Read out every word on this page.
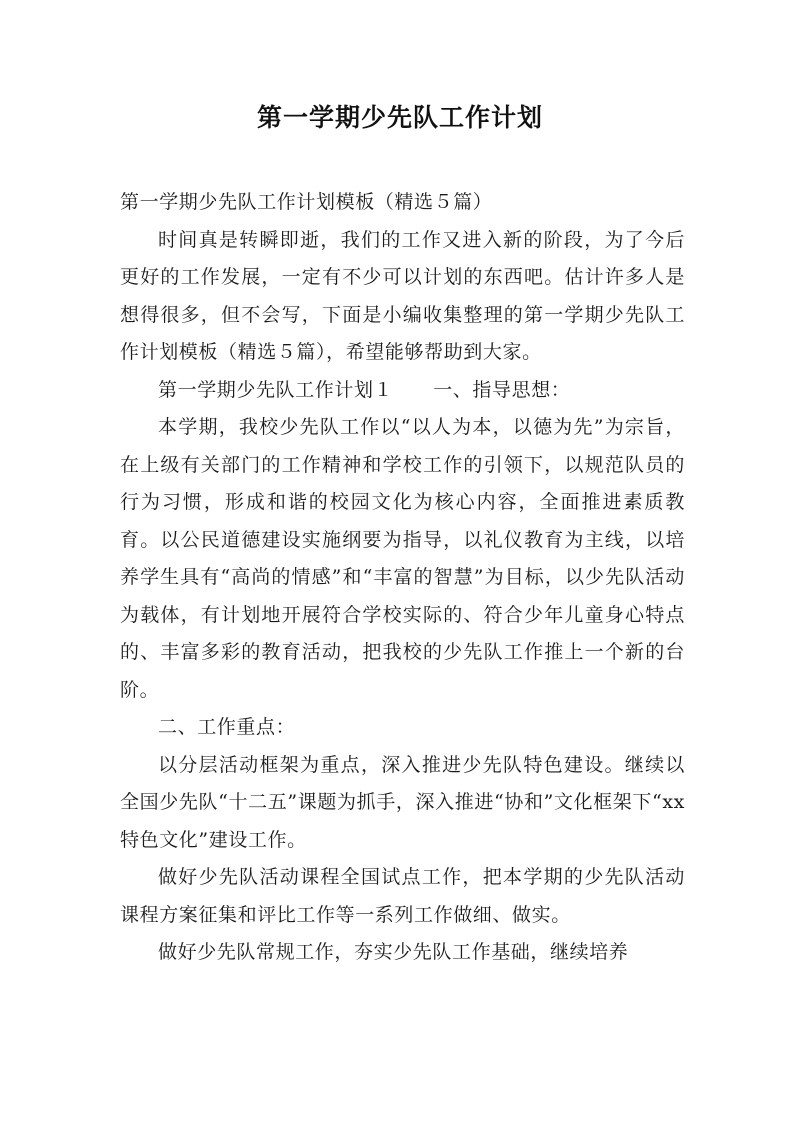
第一学期少先队工作计划

第一学期少先队工作计划模板（精选５篇）

时间真是转瞬即逝，我们的工作又进入新的阶段，为了今后更好的工作发展，一定有不少可以计划的东西吧。估计许多人是想得很多，但不会写，下面是小编收集整理的第一学期少先队工作计划模板（精选５篇），希望能够帮助到大家。

第一学期少先队工作计划１ 一、指导思想：

本学期，我校少先队工作以“以人为本，以德为先”为宗旨，在上级有关部门的工作精神和学校工作的引领下，以规范队员的行为习惯，形成和谐的校园文化为核心内容，全面推进素质教育。以公民道德建设实施纲要为指导，以礼仪教育为主线，以培养学生具有“高尚的情感”和“丰富的智慧”为目标，以少先队活动为载体，有计划地开展符合学校实际的、符合少年儿童身心特点的、丰富多彩的教育活动，把我校的少先队工作推上一个新的台阶。

二、工作重点：

以分层活动框架为重点，深入推进少先队特色建设。继续以全国少先队“十二五”课题为抓手，深入推进“协和”文化框架下“xx特色文化”建设工作。

做好少先队活动课程全国试点工作，把本学期的少先队活动课程方案征集和评比工作等一系列工作做细、做实。

做好少先队常规工作，夯实少先队工作基础，继续培养
